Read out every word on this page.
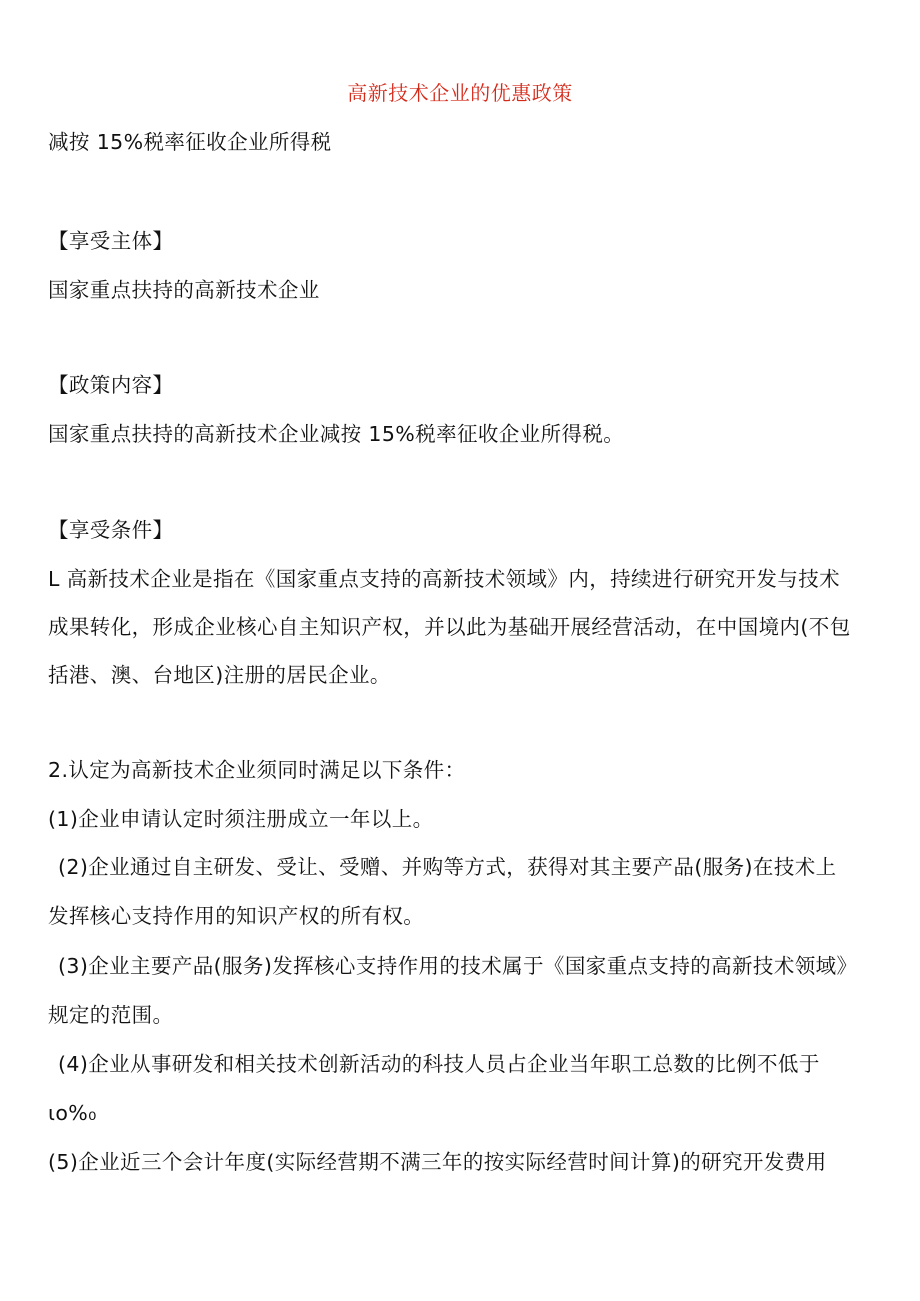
高新技术企业的优惠政策
减按 15%税率征收企业所得税
【享受主体】
国家重点扶持的高新技术企业
【政策内容】
国家重点扶持的高新技术企业减按 15%税率征收企业所得税。
【享受条件】
L 高新技术企业是指在《国家重点支持的高新技术领域》内，持续进行研究开发与技术
成果转化，形成企业核心自主知识产权，并以此为基础开展经营活动，在中国境内(不包
括港、澳、台地区)注册的居民企业。
2.认定为高新技术企业须同时满足以下条件：
(1)企业申请认定时须注册成立一年以上。
(2)企业通过自主研发、受让、受赠、并购等方式，获得对其主要产品(服务)在技术上
发挥核心支持作用的知识产权的所有权。
(3)企业主要产品(服务)发挥核心支持作用的技术属于《国家重点支持的高新技术领域》
规定的范围。
(4)企业从事研发和相关技术创新活动的科技人员占企业当年职工总数的比例不低于
ιo%₀
(5)企业近三个会计年度(实际经营期不满三年的按实际经营时间计算)的研究开发费用
